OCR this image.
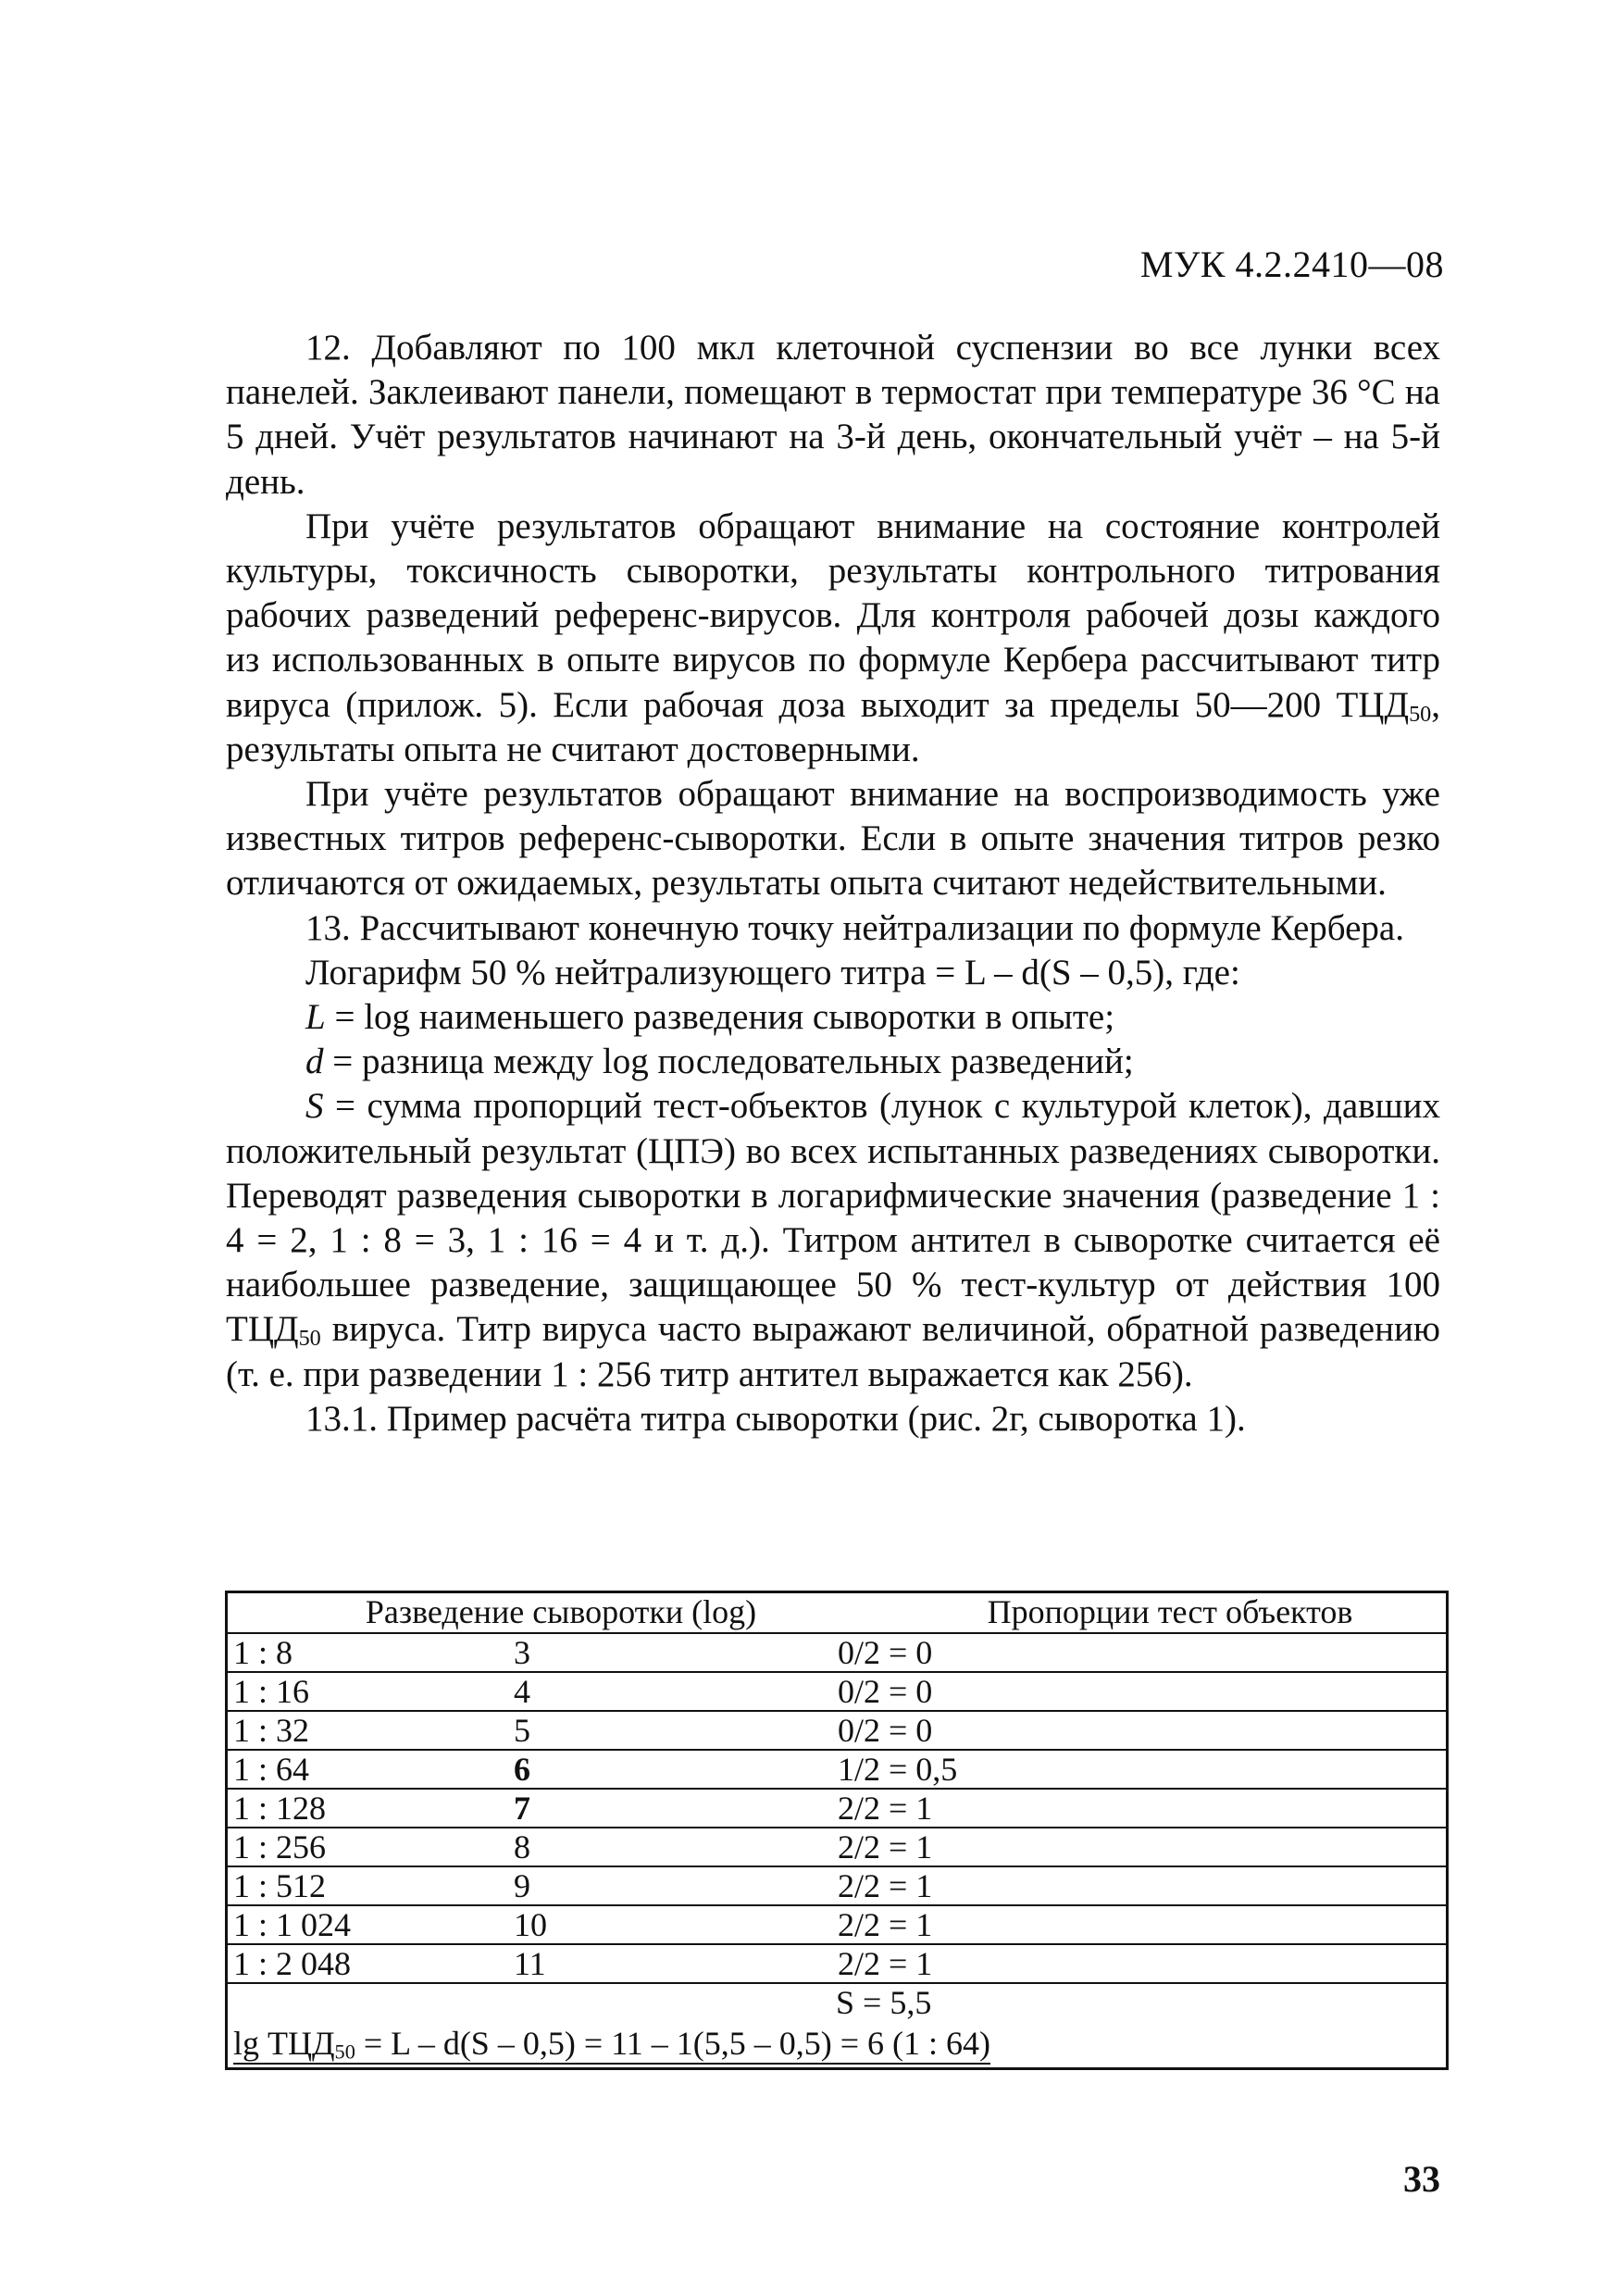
МУК 4.2.2410—08

12. Добавляют по 100 мкл клеточной суспензии во все лунки всех панелей. Заклеивают панели, помещают в термостат при температуре 36 °С на 5 дней. Учёт результатов начинают на 3-й день, окончательный учёт – на 5-й день.

При учёте результатов обращают внимание на состояние контролей культуры, токсичность сыворотки, результаты контрольного титрования рабочих разведений референс-вирусов. Для контроля рабочей дозы каждого из использованных в опыте вирусов по формуле Кербера рассчитывают титр вируса (прилож. 5). Если рабочая доза выходит за пределы 50—200 $ТЦД_{50}$, результаты опыта не считают достоверными.

При учёте результатов обращают внимание на воспроизводимость уже известных титров референс-сыворотки. Если в опыте значения титров резко отличаются от ожидаемых, результаты опыта считают недействительными.

13. Рассчитывают конечную точку нейтрализации по формуле Кербера.

Логарифм 50 % нейтрализующего титра = L – d(S – 0,5), где:

L = log наименьшего разведения сыворотки в опыте;

d = разница между log последовательных разведений;

S = сумма пропорций тест-объектов (лунок с культурой клеток), давших положительный результат (ЦПЭ) во всех испытанных разведениях сыворотки. Переводят разведения сыворотки в логарифмические значения (разведение 1 : 4 = 2, 1 : 8 = 3, 1 : 16 = 4 и т. д.). Титром антител в сыворотке считается её наибольшее разведение, защищающее 50 % тест-культур от действия 100 $ТЦД_{50}$ вируса. Титр вируса часто выражают величиной, обратной разведению (т. е. при разведении 1 : 256 титр антител выражается как 256).

13.1. Пример расчёта титра сыворотки (рис. 2г, сыворотка 1).

Разведение сыворотки (log)	Пропорции тест объектов
1 : 8	3	0/2 = 0
1 : 16	4	0/2 = 0
1 : 32	5	0/2 = 0
1 : 64	6	1/2 = 0,5
1 : 128	7	2/2 = 1
1 : 256	8	2/2 = 1
1 : 512	9	2/2 = 1
1 : 1 024	10	2/2 = 1
1 : 2 048	11	2/2 = 1
S = 5,5
$\lg ТЦД_{50} = L - d(S - 0,5) = 11 - 1(5,5 - 0,5) = 6$ (1 : 64)
33
